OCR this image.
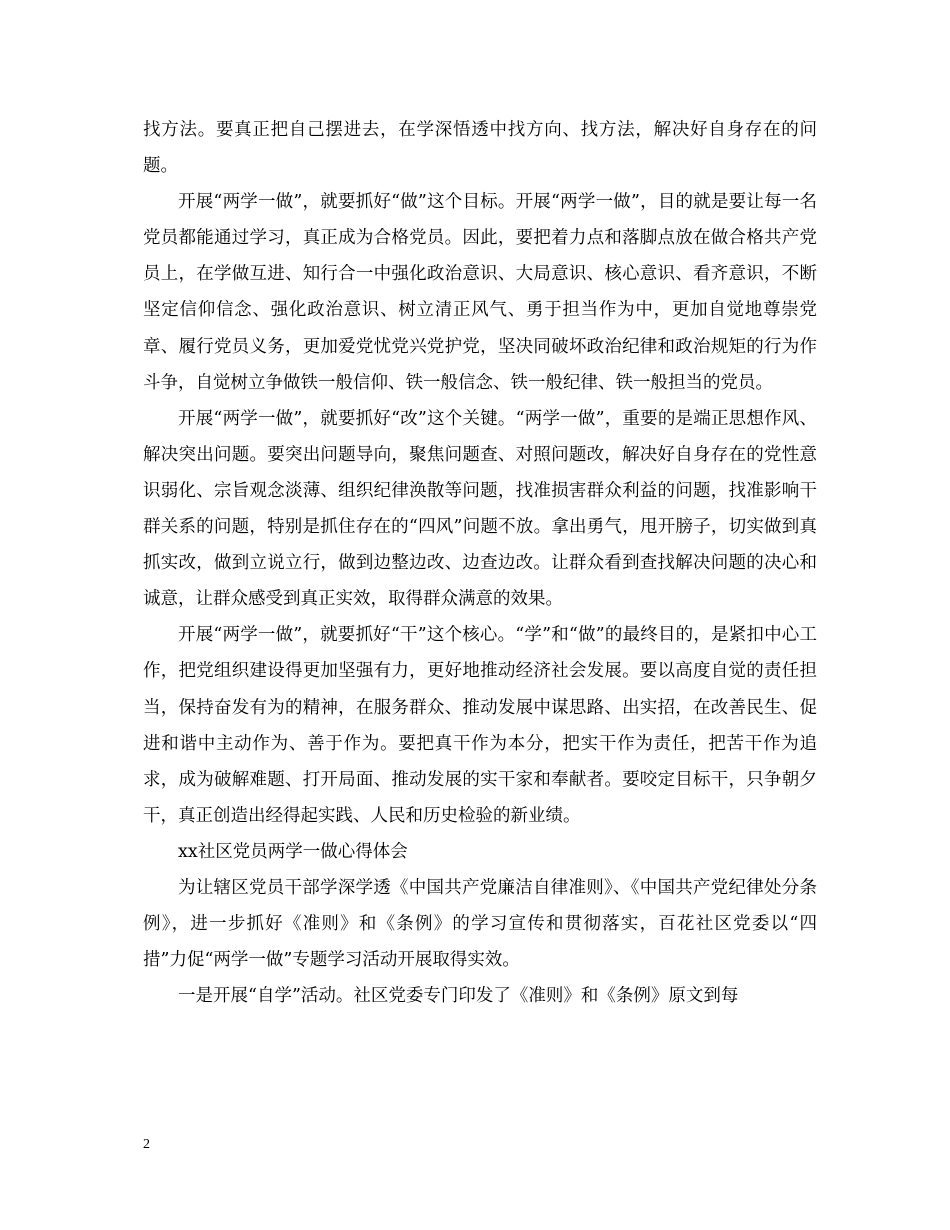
找方法。要真正把自己摆进去，在学深悟透中找方向、找方法，解决好自身存在的问题。

开展“两学一做”，就要抓好“做”这个目标。开展“两学一做”，目的就是要让每一名党员都能通过学习，真正成为合格党员。因此，要把着力点和落脚点放在做合格共产党员上，在学做互进、知行合一中强化政治意识、大局意识、核心意识、看齐意识，不断坚定信仰信念、强化政治意识、树立清正风气、勇于担当作为中，更加自觉地尊崇党章、履行党员义务，更加爱党忧党兴党护党，坚决同破坏政治纪律和政治规矩的行为作斗争，自觉树立争做铁一般信仰、铁一般信念、铁一般纪律、铁一般担当的党员。

开展“两学一做”，就要抓好“改”这个关键。“两学一做”，重要的是端正思想作风、解决突出问题。要突出问题导向，聚焦问题查、对照问题改，解决好自身存在的党性意识弱化、宗旨观念淡薄、组织纪律涣散等问题，找准损害群众利益的问题，找准影响干群关系的问题，特别是抓住存在的“四风”问题不放。拿出勇气，甩开膀子，切实做到真抓实改，做到立说立行，做到边整边改、边查边改。让群众看到查找解决问题的决心和诚意，让群众感受到真正实效，取得群众满意的效果。

开展“两学一做”，就要抓好“干”这个核心。“学”和“做”的最终目的，是紧扣中心工作，把党组织建设得更加坚强有力，更好地推动经济社会发展。要以高度自觉的责任担当，保持奋发有为的精神，在服务群众、推动发展中谋思路、出实招，在改善民生、促进和谐中主动作为、善于作为。要把真干作为本分，把实干作为责任，把苦干作为追求，成为破解难题、打开局面、推动发展的实干家和奉献者。要咬定目标干，只争朝夕干，真正创造出经得起实践、人民和历史检验的新业绩。

xx社区党员两学一做心得体会

为让辖区党员干部学深学透《中国共产党廉洁自律准则》、《中国共产党纪律处分条例》，进一步抓好《准则》和《条例》的学习宣传和贯彻落实，百花社区党委以“四措”力促“两学一做”专题学习活动开展取得实效。

一是开展“自学”活动。社区党委专门印发了《准则》和《条例》原文到每

2
